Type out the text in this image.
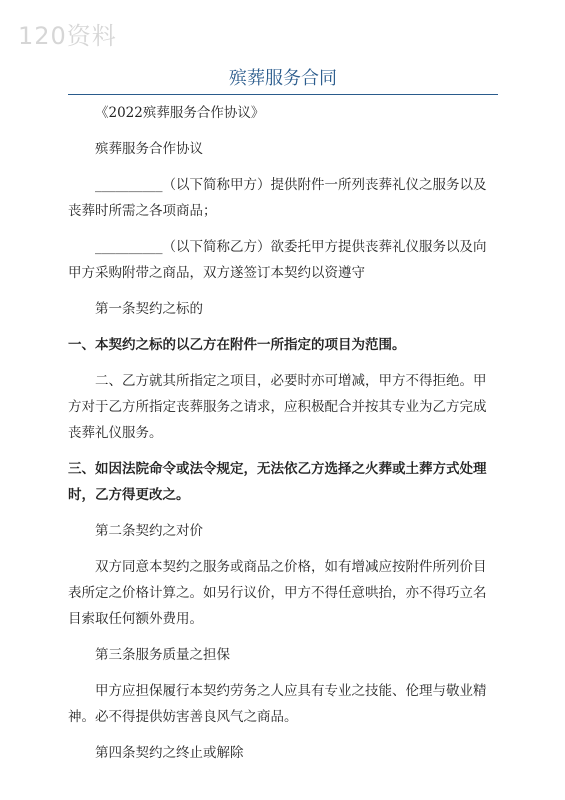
120资料
殡葬服务合同

《2022殡葬服务合作协议》

殡葬服务合作协议

__________（以下简称甲方）提供附件一所列丧葬礼仪之服务以及丧葬时所需之各项商品；

__________（以下简称乙方）欲委托甲方提供丧葬礼仪服务以及向甲方采购附带之商品，双方遂签订本契约以资遵守

第一条契约之标的

一、本契约之标的以乙方在附件一所指定的项目为范围。

二、乙方就其所指定之项目，必要时亦可增减，甲方不得拒绝。甲方对于乙方所指定丧葬服务之请求，应积极配合并按其专业为乙方完成丧葬礼仪服务。

三、如因法院命令或法令规定，无法依乙方选择之火葬或土葬方式处理时，乙方得更改之。

第二条契约之对价

双方同意本契约之服务或商品之价格，如有增减应按附件所列价目表所定之价格计算之。如另行议价，甲方不得任意哄抬，亦不得巧立名目索取任何额外费用。

第三条服务质量之担保

甲方应担保履行本契约劳务之人应具有专业之技能、伦理与敬业精神。必不得提供妨害善良风气之商品。

第四条契约之终止或解除
